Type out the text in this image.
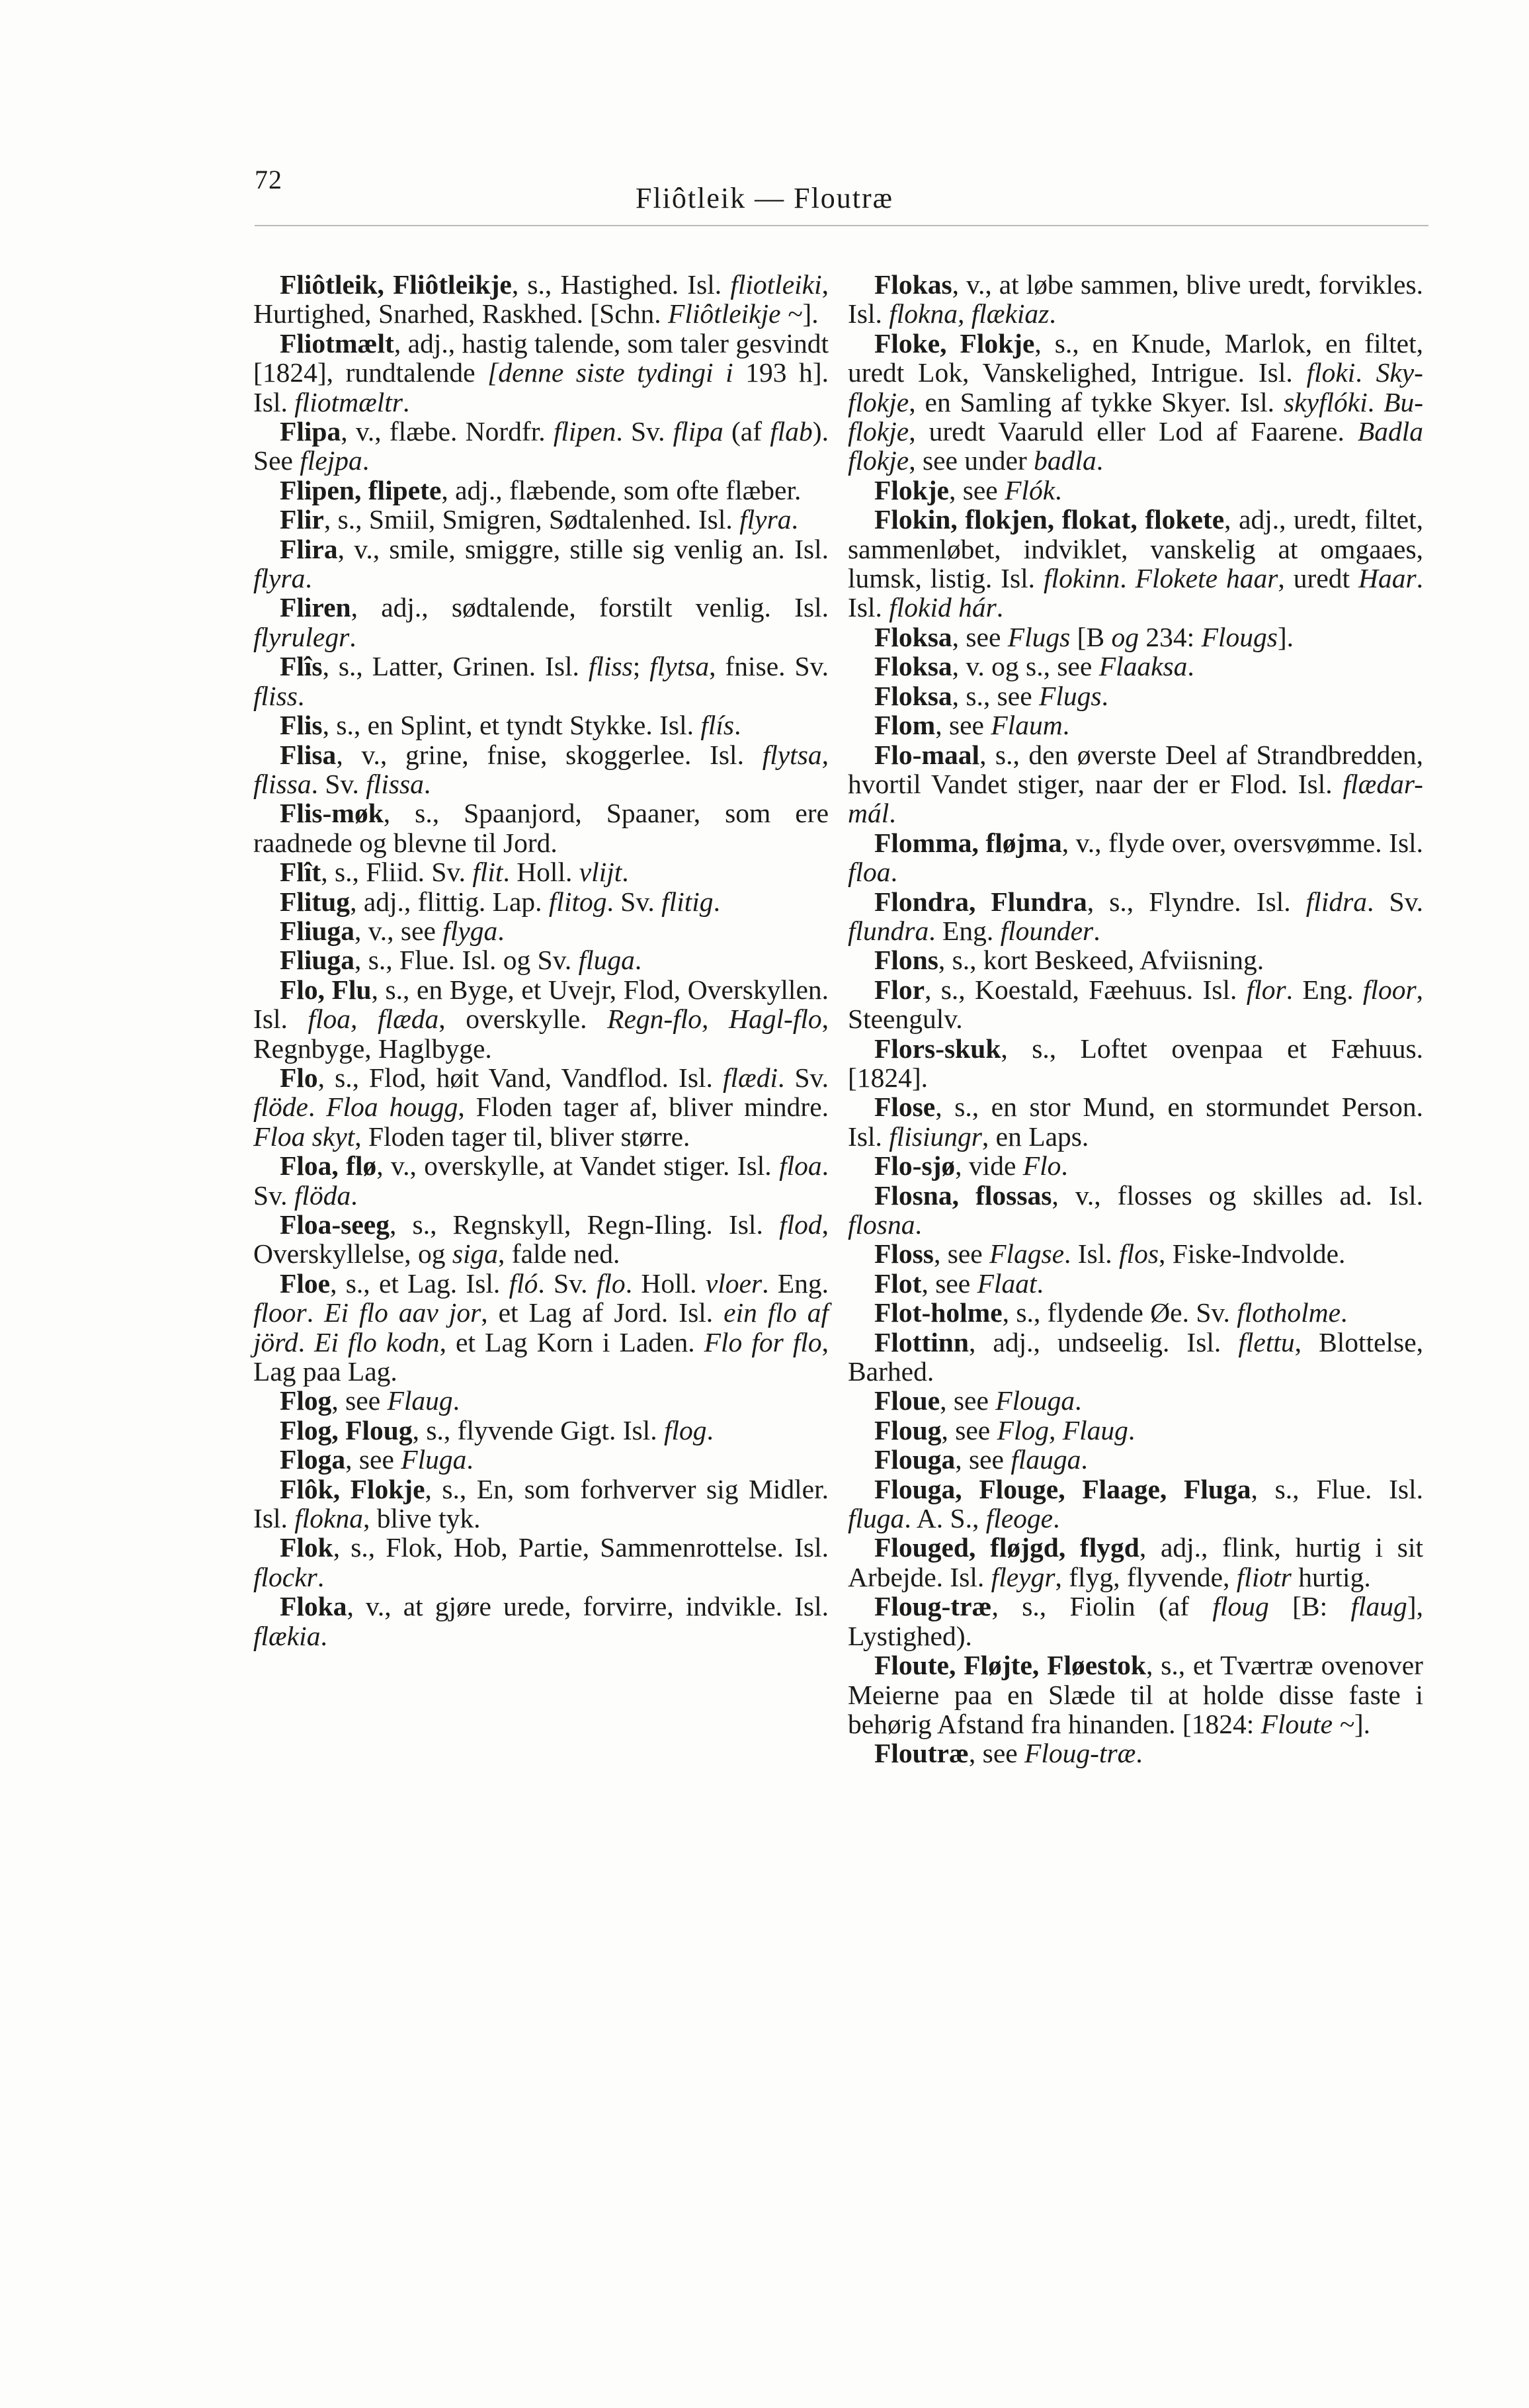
72
Fliôtleik — Floutræ

Fliôtleik, Fliôtleikje, s., Hastighed. Isl. fliotleiki, Hurtighed, Snarhed, Raskhed. [Schn. Fliôtleikje ~].

Fliotmælt, adj., hastig talende, som taler gesvindt [1824], rundtalende [denne siste tydingi i 193 h]. Isl. fliotmæltr.

Flipa, v., flæbe. Nordfr. flipen. Sv. flipa (af flab). See flejpa.

Flipen, flipete, adj., flæbende, som ofte flæber.

Flir, s., Smiil, Smigren, Sødtalenhed. Isl. flyra.

Flira, v., smile, smiggre, stille sig venlig an. Isl. flyra.

Fliren, adj., sødtalende, forstilt venlig. Isl. flyrulegr.

Flîs, s., Latter, Grinen. Isl. fliss; flytsa, fnise. Sv. fliss.

Flis, s., en Splint, et tyndt Stykke. Isl. flís.

Flisa, v., grine, fnise, skoggerlee. Isl. flytsa, flissa. Sv. flissa.

Flis-møk, s., Spaanjord, Spaaner, som ere raadnede og blevne til Jord.

Flît, s., Fliid. Sv. flit. Holl. vlijt.

Flitug, adj., flittig. Lap. flitog. Sv. flitig.

Fliuga, v., see flyga.

Fliuga, s., Flue. Isl. og Sv. fluga.

Flo, Flu, s., en Byge, et Uvejr, Flod, Overskyllen. Isl. floa, flæda, overskylle. Regn-flo, Hagl-flo, Regnbyge, Haglbyge.

Flo, s., Flod, høit Vand, Vandflod. Isl. flædi. Sv. flöde. Floa hougg, Floden tager af, bliver mindre. Floa skyt, Floden tager til, bliver større.

Floa, flø, v., overskylle, at Vandet stiger. Isl. floa. Sv. flöda.

Floa-seeg, s., Regnskyll, Regn-Iling. Isl. flod, Overskyllelse, og siga, falde ned.

Floe, s., et Lag. Isl. fló. Sv. flo. Holl. vloer. Eng. floor. Ei flo aav jor, et Lag af Jord. Isl. ein flo af jörd. Ei flo kodn, et Lag Korn i Laden. Flo for flo, Lag paa Lag.

Flog, see Flaug.

Flog, Floug, s., flyvende Gigt. Isl. flog.

Floga, see Fluga.

Flôk, Flokje, s., En, som forhverver sig Midler. Isl. flokna, blive tyk.

Flok, s., Flok, Hob, Partie, Sammenrottelse. Isl. flockr.

Floka, v., at gjøre urede, forvirre, indvikle. Isl. flækia.

Flokas, v., at løbe sammen, blive uredt, forvikles. Isl. flokna, flækiaz.

Floke, Flokje, s., en Knude, Marlok, en filtet, uredt Lok, Vanskelighed, Intrigue. Isl. floki. Sky-flokje, en Samling af tykke Skyer. Isl. skyflóki. Bu-flokje, uredt Vaaruld eller Lod af Faarene. Badla flokje, see under badla.

Flokje, see Flók.

Flokin, flokjen, flokat, flokete, adj., uredt, filtet, sammenløbet, indviklet, vanskelig at omgaaes, lumsk, listig. Isl. flokinn. Flokete haar, uredt Haar. Isl. flokid hár.

Floksa, see Flugs [B og 234: Flougs].

Floksa, v. og s., see Flaaksa.

Floksa, s., see Flugs.

Flom, see Flaum.

Flo-maal, s., den øverste Deel af Strandbredden, hvortil Vandet stiger, naar der er Flod. Isl. flædar-mál.

Flomma, fløjma, v., flyde over, oversvømme. Isl. floa.

Flondra, Flundra, s., Flyndre. Isl. flidra. Sv. flundra. Eng. flounder.

Flons, s., kort Beskeed, Afviisning.

Flor, s., Koestald, Fæehuus. Isl. flor. Eng. floor, Steengulv.

Flors-skuk, s., Loftet ovenpaa et Fæhuus. [1824].

Flose, s., en stor Mund, en stormundet Person. Isl. flisiungr, en Laps.

Flo-sjø, vide Flo.

Flosna, flossas, v., flosses og skilles ad. Isl. flosna.

Floss, see Flagse. Isl. flos, Fiske-Indvolde.

Flot, see Flaat.

Flot-holme, s., flydende Øe. Sv. flotholme.

Flottinn, adj., undseelig. Isl. flettu, Blottelse, Barhed.

Floue, see Flouga.

Floug, see Flog, Flaug.

Flouga, see flauga.

Flouga, Flouge, Flaage, Fluga, s., Flue. Isl. fluga. A. S., fleoge.

Flouged, fløjgd, flygd, adj., flink, hurtig i sit Arbejde. Isl. fleygr, flyg, flyvende, fliotr hurtig.

Floug-træ, s., Fiolin (af floug [B: flaug], Lystighed).

Floute, Fløjte, Fløestok, s., et Tværtræ ovenover Meierne paa en Slæde til at holde disse faste i behørig Afstand fra hinanden. [1824: Floute ~].

Floutræ, see Floug-træ.
